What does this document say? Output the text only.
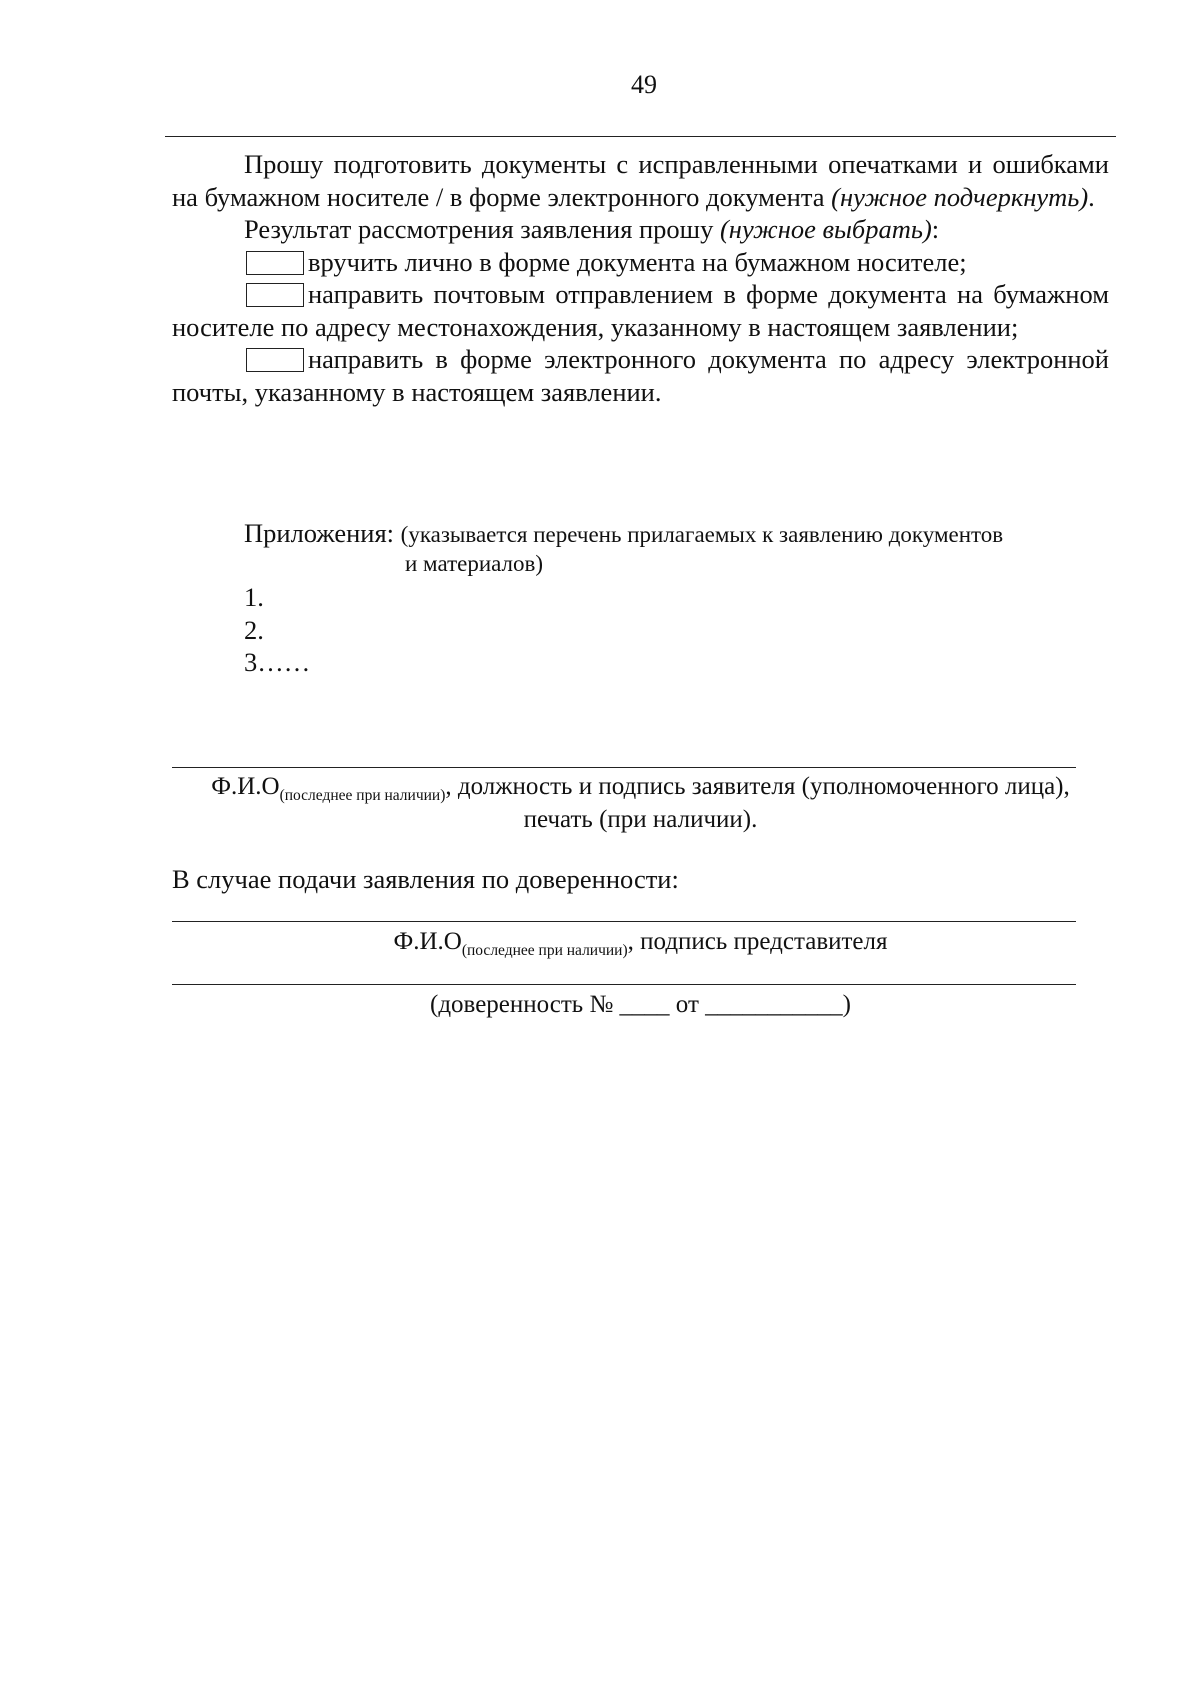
49

Прошу подготовить документы с исправленными опечатками и ошибками на бумажном носителе / в форме электронного документа (нужное подчеркнуть).

Результат рассмотрения заявления прошу (нужное выбрать):

вручить лично в форме документа на бумажном носителе;

направить почтовым отправлением в форме документа на бумажном носителе по адресу местонахождения, указанному в настоящем заявлении;

направить в форме электронного документа по адресу электронной почты, указанному в настоящем заявлении.

Приложения: (указывается перечень прилагаемых к заявлению документов
и материалов)
1.
2.
3……
$Ф.И.О_{(последнее при наличии)}$, должность и подпись заявителя (уполномоченного лица),
печать (при наличии).
В случае подачи заявления по доверенности:
$Ф.И.О_{(последнее при наличии)}$, подпись представителя
(доверенность № ____ от ___________)
